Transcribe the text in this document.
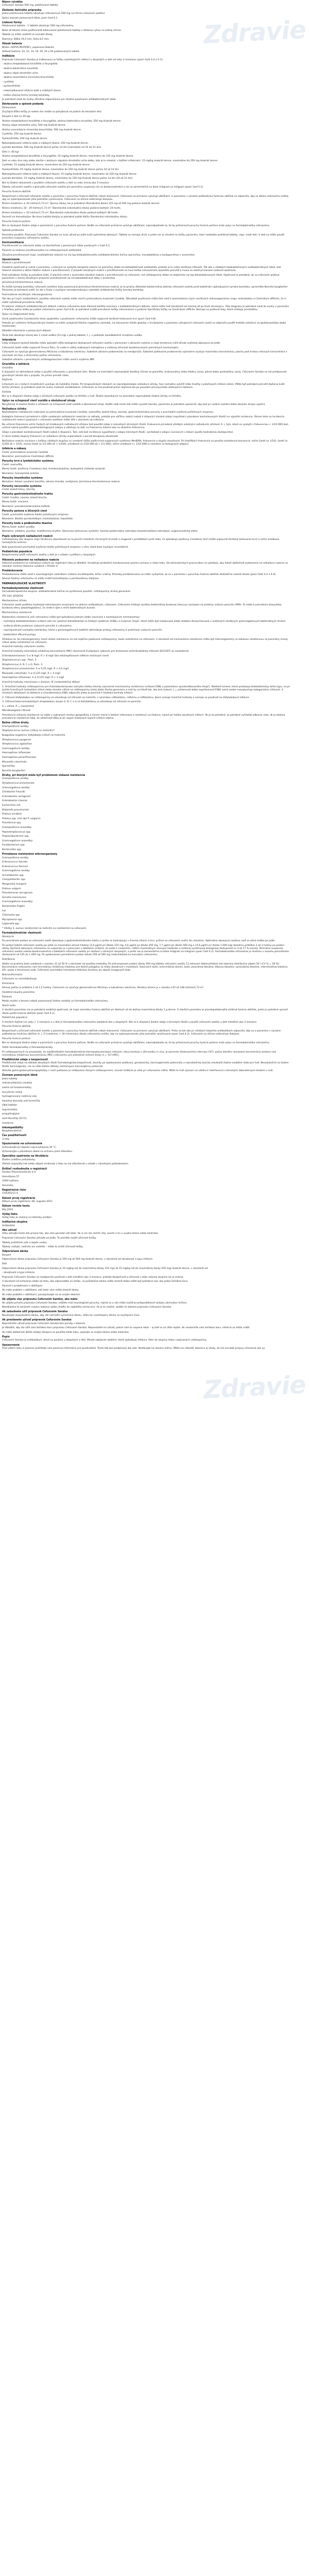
Zdravie
Zdravie
Názov výrobku
Cefuroxim Sandoz 500 mg, potahované tablety
Zloženie liečivého prípravku
Jedna potahovaná tableta obsahuje cefuroximum 500 mg (vo forme cefuroxím axetilu).
Úplný zoznam pomocných látok, pozri časť 6.1.
Liekové formy
Potahovaná tableta - 1 tableta obsahuje 500 mg cefuroxímu.
Biele až takmer biele podlhovasté bikonvexné potahované tablety s deliacou ryhou na jednej strane.
Tableta sa môže rozdeliť na rovnaké dávky.
Rozmery: Dĺžka 19,3 mm, šírka 8,2 mm.
Obsah balenia
Blister (Al/PVC/PE/PVDC), papierová škatuľa
Veľkosť balenia: 10, 12, 14, 16, 20, 24 a 50 potahovaných tabliet.
Indikácie
Prípravok Cefuroxim Sandoz je indikovaný na liečbu nasledujúcich infekcií u dospelých a detí od veku 3 mesiacov (pozri časti 4.4 a 5.1):
- akútna streptokoková tonzilitída a faryngitída
- akútna bakteriálna sinusitída
- akútny zápal stredného ucha
- akútna exacerbácia chronickej bronchitídy
- cystitída
- pyelonefritída
- nekomplikované infekcie kože a mäkkých tkanív
- liečba včasnej formy lymskej boreliózy.
Je potrebné vziať do úvahy oficiálne odporúčania pre vhodné používanie antibakteriálnych látok.
Dávkovanie a spôsob podania
Dávkovanie
Zvyčajná dĺžka liečby je sedem dní (môže sa pohybovať od piatich do desiatich dní).
Dospelí a deti (≥ 40 kg)
Akútna streptokoková tonzilitída a faryngitída, akútna bakteriálna sinusitída: 250 mg dvakrát denne.
Akútny zápal stredného ucha: 500 mg dvakrát denne.
Akútna exacerbácia chronickej bronchitídy: 500 mg dvakrát denne.
Cystitída: 250 mg dvakrát denne.
Pyelonefritída: 250 mg dvakrát denne.
Nekomplikované infekcie kože a mäkkých tkanív: 250 mg dvakrát denne.
Lymská borelióza: 500 mg dvakrát denne počas 14 dní (rozmedzie od 10 do 21 dní).
Deti (< 40 kg)
Akútna streptokoková tonzilitída a faryngitída: 10 mg/kg dvakrát denne, maximálne do 125 mg dvakrát denne.
Deti vo veku dva roky alebo staršie s akútnym zápalom stredného ucha alebo, kde je to vhodné, s ťažšími infekciami: 15 mg/kg dvakrát denne, maximálne do 250 mg dvakrát denne.
Cystitída: 15 mg/kg dvakrát denne, maximálne do 250 mg dvakrát denne.
Pyelonefritída: 15 mg/kg dvakrát denne, maximálne do 250 mg dvakrát denne počas 10 až 14 dní.
Nekomplikované infekcie kože a mäkkých tkanív: 15 mg/kg dvakrát denne, maximálne do 250 mg dvakrát denne.
Lymská borelióza: 15 mg/kg dvakrát denne, maximálne do 250 mg dvakrát denne počas 14 dní (10 až 21 dní).
Nie sú žiadne skúsenosti s použitím cefuroxím axetilu u detí vo veku menej ako 3 mesiace.
Tablety cefuroxím axetilu a granulát cefuroxím axetilu pre perorálnu suspenziu nie sú bioekvivalentné a nie sú zameniteľné na báze miligram za miligram (pozri časť 5.2).
Porucha funkcie obličiek
Bezpečnosť a účinnosť cefuroxím axetilu u pacientov s poruchou funkcie obličiek neboli stanovené. Cefuroxím sa primárne vylučuje obličkami. U pacientov s výrazne poškodenou funkciou obličiek sa odporúča, aby sa dávka cefuroxímu znížila, aby sa vykompenzovalo jeho pomalšie vylučovanie. Cefuroxím sa účinne odstraňuje dialýzou.
Klírens kreatinínu ≥ 30 ml/min/1,73 m²: Úprava dávky nie je potrebná (štandardná dávka 125 mg až 500 mg podaná dvakrát denne).
Klírens kreatinínu 10 - 29 ml/min/1,73 m²: Štandardná individuálna dávka podaná každých 24 hodín.
Klírens kreatinínu < 10 ml/min/1,73 m²: Štandardná individuálna dávka podaná každých 48 hodín.
Pacienti na hemodialýze: Na konci každej dialýzy je potrebné podať ďalšiu štandardnú individuálnu dávku.
Porucha funkcie pečene
Nie sú dostupné žiadne údaje o pacientoch s poruchou funkcie pečene. Keďže sa cefuroxím primárne vylučuje obličkami, nepredpokladá sa, že by prítomnosť poruchy funkcie pečene mala vplyv na farmakokinetiku cefuroxímu.
Spôsob podávania
Perorálne použitie. Prípravok Cefuroxim Sandoz sa musí užívať po jedle kvôli optimálnej absorpcii. Tablety sa nemajú drviť, a preto nie sú vhodné na liečbu pacientov, ktorí nedokážu prehltnúť tablety, napr. malé deti. U detí sa môže použiť perorálna suspenzia cefuroxímu axetilu.
Kontraindikácie
Precitlivenosť na cefuroxím alebo na ktorúkoľvek z pomocných látok uvedených v časti 6.1.
Pacienti so známou precitlivenosťou na cefalosporínové antibiotiká.
Závažná precitlivenosť (napr. anafylaktická reakcia) na iný typ betalaktámového antibakteriálneho liečiva (penicilíny, monobaktámy a karbapenémy) v anamnéze.
Upozornenia
Reakcie z precitlivenosti
Osobitná opatrnosť je nutná u pacientov, u ktorých sa vyskytla alergická reakcia na penicilíny alebo iné betalaktámové antibiotiká, pretože je tu riziko skríženej citlivosti. Tak ako u všetkých betalaktámových antibakteriálnych látok, boli hlásené závažné a občas fatálne reakcie z precitlivenosti. V prípade závažných reakcií z precitlivenosti sa musí liečba cefuroxímom okamžite prerušiť a musia sa začať primerané núdzové opatrenia.
Pred začiatkom liečby je potrebné zistiť, či pacient nemá v anamnéze závažné reakcie z precitlivenosti na cefuroxím, iné cefalosporíny alebo na akýkoľvek iný typ betalaktámových látok. Opatrnosť je potrebná, ak sa cefuroxím podáva pacientom s menej závažnými prejavmi precitlivenosti na iné betalaktámové látky v anamnéze.
Jarischova-Herxheimerova reakcia
Po liečbe lymskej boreliózy cefuroxím axetilom bola pozorovaná Jarischova-Herxheimerova reakcia. Je to priamy dôsledok baktericídnej aktivity cefuroxím axetilu proti baktériám spôsobujúcim lymskú boreliózu, spirochéte Borrelia burgdorferi. Pacientov je potrebné uistiť, že ide o častý a zvyčajne samoobmedzujúci následok antibiotickej liečby lymskej boreliózy.
Premnoženie necitlivých mikroorganizmov
Tak ako pri iných antibiotikách, použitie cefuroxím axetilu môže viesť k premnoženiu kvasiniek Candida. Dlhodobé používanie môže tiež viesť k premnoženiu iných necitlivých mikroorganizmov (napr. enterokokov a Clostridium difficile), čo si môže vyžadovať prerušenie liečby.
Pri takmer všetkých antibakteriálnych látkach vrátane cefuroxímu bola hlásená kolitída súvisiaca s antibakteriálnymi látkami, ktorá môže mať závažnosť od miernej až po život ohrozujúcu. Túto diagnózu je potrebné vziať do úvahy u pacientov s hnačkou počas alebo po podaní cefuroxímu (pozri časť 4.8). Je potrebné zvážiť prerušenie liečby cefuroxímom a podanie špecifickej liečby na Clostridium difficile. Nemajú sa podávať lieky, ktoré inhibujú peristaltiku.
Vplyv na diagnostické testy
Vznik pozitívneho Coombsovho testu spojeného s používaním cefuroxímu môže ovplyvniť skrížené testovanie krvi (pozri časť 4.8).
Pretože pri vyšetrení ferikyanidovým testom sa môže vyskytnúť falošne negatívny výsledok, na stanovenie hladín glukózy v krvi/plazme u pacientov užívajúcich cefuroxím axetil sa odporúča použiť metódu založenú na glukózooxidáze alebo hexokináze.
Dôležité informácie o pomocných látkach
Tento liek obsahuje menej ako 1 mmol sodíka (23 mg) v jednej tablete, t. j. v podstate zanedbateľné množstvo sodíka.
Interakcie
Lieky znižujúce kyslosť žalúdka môžu spôsobiť nižšiu biologickú dostupnosť cefuroxím axetilu v porovnaní s užívaním nalačno a majú tendenciu rušiť účinok zvýšenej absorpcie po jedle.
Cefuroxím axetil môže ovplyvniť črevnú flóru, čo vedie k nižšej reabsorpcii estrogénov a zníženej účinnosti kombinovaných perorálnych kontraceptív.
Cefuroxím sa vylučuje glomerulárnou filtráciou a tubulárnou sekréciou. Súbežné užívanie probenecidu sa neodporúča. Súbežné podávanie probenecidu významne zvyšuje maximálnu koncentráciu, plochu pod krivkou sérových koncentrácií v závislosti od času a eliminačný polčas cefuroxímu.
Súbežné užívanie s perorálnymi antikoagulanciami môže viesť k zvýšeniu INR.
Gravidita a laktácia
Gravidita
K dispozícii sú obmedzené údaje o použití cefuroxímu u gravidných žien. Štúdie na zvieratách nepreukázali škodlivý účinok na graviditu, embryonálny alebo fetálny vývoj, pôrod alebo postnatálny vývoj. Cefuroxim Sandoz sa má predpisovať gravidným ženám iba v prípade, že prínos preváži riziko.
Dojčenie
Cefuroxím sa v malých množstvách vylučuje do ľudského mlieka. Pri terapeutických dávkach sa nepredpokladajú nežiaduce účinky, hoci nemožno vylúčiť riziko hnačky a plesňových infekcií slizníc. Môže byť potrebné prerušiť dojčenie kvôli týmto účinkom. Je potrebné vziať do úvahy možnosť senzibilizácie. Cefuroxím sa má používať počas dojčenia iba po posúdení prínosu/rizika ošetrujúcim lekárom.
Fertilita
Nie sú k dispozícii žiadne údaje o účinkoch cefuroxím axetilu na fertilitu u ľudí. Štúdie reprodukcie na zvieratách nepreukázali žiadne účinky na fertilitu.
Vplyv na schopnosť viesť vozidlá a obsluhovať stroje
Nevykonali sa žiadne štúdie o účinkoch na schopnosť viesť vozidlá a obsluhovať stroje. Keďže však tento liek môže vyvolať závraty, pacientov je potrebné upozorniť, aby boli pri vedení vozidiel alebo obsluhe strojov opatrní.
Nežiaduce účinky
Najčastejšími nežiaducimi reakciami sú premnoženie kvasiniek Candida, eozinofília, bolesť hlavy, závraty, gastrointestinálne poruchy a prechodné zvýšenie pečeňových enzýmov.
Kategórie frekvencií priradené k nižšie uvedeným nežiaducim reakciám sú odhady, pretože pre väčšinu reakcií neboli k dispozícii vhodné údaje (napríklad z placebom kontrolovaných štúdií) na výpočet incidencie. Okrem toho sa incidencia nežiaducich reakcií spojených s cefuroxím axetilom môže líšiť v závislosti od indikácie.
Na určenie frekvencie veľmi častých až zriedkavých nežiaducich účinkov boli použité údaje z rozsiahlych klinických štúdií. Frekvencie priradené všetkým ostatným nežiaducim účinkom (t. j. tým, ktoré sa vyskytli s frekvenciou < 1/10 000) boli určené najmä použitím postmarketingových údajov a vzťahujú sa skôr na frekvenciu hlásení ako na skutočnú frekvenciu.
Údaje z placebom kontrolovaných štúdií neboli k dispozícii. Tam, kde boli incidencie vypočítané z údajov klinických štúdií, vychádzali z údajov súvisiacich s liekom (podľa hodnotenia skúšajúceho).
V rámci každej skupiny frekvencií sú nežiaduce účinky usporiadané v poradí klesajúcej závažnosti.
Nežiaduce reakcie súvisiace s liečbou všetkých stupňov sú uvedené nižšie podľa tried orgánových systémov MedDRA, frekvencie a stupňa závažnosti. Pri klasifikácii frekvencie sa použila nasledovná konvencia: veľmi časté (≥ 1/10), časté (≥ 1/100 až < 1/10), menej časté (≥ 1/1 000 až < 1/100), zriedkavé (≥ 1/10 000 až < 1/1 000), veľmi zriedkavé (< 1/10 000) a neznáme (z dostupných údajov).
Infekcie a nákazy
Časté: premnoženie kvasiniek Candida
Neznáme: premnoženie Clostridium difficile
Poruchy krvi a lymfatického systému
Časté: eozinofília
Menej časté: pozitívny Coombsov test, trombocytopénia, leukopénia (niekedy výrazná)
Neznáme: hemolytická anémia
Poruchy imunitného systému
Neznáme: liekom vyvolaná horúčka, sérová choroba, anafylaxia, Jarischova-Herxheimerova reakcia
Poruchy nervového systému
Časté: bolesť hlavy, závraty
Poruchy gastrointestinálneho traktu
Časté: hnačka, nauzea, bolesť brucha
Menej časté: vracanie
Neznáme: pseudomembranózna kolitída
Poruchy pečene a žlčových ciest
Časté: prechodné zvýšenie hladín pečeňových enzýmov
Neznáme: žltačka (predovšetkým cholestatická), hepatitída
Poruchy kože a podkožného tkaniva
Menej časté: kožné vyrážky
Neznáme: urtikária, pruritus, multiformný erytém, Stevensov-Johnsonov syndróm, toxická epidermálna nekrolýza (exantematózna nekrolýza), angioneurotický edém
Popis vybraných nežiaducich reakcií
Cefalosporíny ako skupina majú tendenciu absorbovať sa na povrch membrán červených krviniek a reagovať s protilátkami proti lieku, čo spôsobuje pozitívny Coombsov test (môže ovplyvniť skrížené testovanie krvi) a veľmi zriedkavo hemolytickú anémiu.
Bolo pozorované prechodné zvýšenie hladín pečeňových enzýmov v sére, ktoré bolo zvyčajne reverzibilné.
Pediatrická populácia
Bezpečnostný profil cefuroxím axetilu u detí je v súlade s profilom u dospelých.
Hlásenie podozrení na nežiaduce reakcie
Hlásenie podozrení na nežiaduce reakcie po registrácii lieku je dôležité. Umožňuje priebežné monitorovanie pomeru prínosu a rizika lieku. Od zdravotníckych pracovníkov sa vyžaduje, aby hlásili akékoľvek podozrenia na nežiaduce reakcie na národné centrum hlásenia uvedené v Prílohe V.
Predávkovanie
Predávkovanie môže viesť k neurologickým následkom vrátane encefalopatie, kŕčov a kómy. Príznaky predávkovania sa môžu vyskytnúť, ak sa u pacientov s poruchou funkcie obličiek dostatočne nezníži dávka (pozri časti 4.2 a 4.4).
Sérové hladiny cefuroxímu sa môžu znížiť hemodialýzou a peritoneálnou dialýzou.
FARMAKOLOGICKÉ VLASTNOSTI
Farmakodynamické vlastnosti
Farmakoterapeutická skupina: antibakteriálne liečivá na systémové použitie, cefalosporíny druhej generácie
ATC kód: J01DC02
Mechanizmus účinku
Cefuroxím axetil podlieha hydrolýze esterázovými enzýmami na aktívne antibiotikum, cefuroxím. Cefuroxím inhibuje syntézu bakteriálnej bunkovej steny po naviazaní na proteíny viažuce penicilín (PBP). To vedie k prerušeniu biosyntézy bunkovej steny (peptidoglykánu), čo vedie k lýze a smrti bakteriálnych buniek.
Mechanizmus rezistencie
Bakteriálna rezistencia voči cefuroxímu môže byť spôsobená jedným alebo viacerými z nasledujúcich mechanizmov:
- hydrolýza betalaktamázami vrátane (ale nie výlučne) betalaktamáz so širokým spektrom (ESBL) a enzýmov AmpC, ktoré môžu byť indukované alebo stabilne dereprimované u niektorých aeróbnych gramnegatívnych bakteriálnych druhov
- znížená afinita proteínov viažucich penicilín k cefuroxímu
- nepriepustnosť vonkajšej membrány, ktorá u gramnegatívnych baktérií obmedzuje prístup cefuroxímu k proteínom viažucim penicilín
- bakteriálne efluxné pumpy.
Očakáva sa, že mikroorganizmy, ktoré získali rezistenciu na iné injekčne podávané cefalosporíny, budú rezistentné na cefuroxím. V závislosti od mechanizmu rezistencie môžu byť mikroorganizmy so získanou rezistenciou na penicilíny menej citlivé alebo rezistentné na cefuroxím.
Hraničné hodnoty cefuroxím axetilu
Hraničné hodnoty minimálnej inhibičnej koncentrácie (MIC) stanovené Európskym výborom pre testovanie antimikrobiálnej citlivosti (EUCAST) sú nasledovné:
Enterobacteriaceae: S ≤ 8 mg/l, R > 8 mg/l (iba nekomplikované infekcie močových ciest)
Staphylococcus spp.: Pozn. 2
Streptococcus A, B, C a G: Pozn. 3
Streptococcus pneumoniae: S ≤ 0,25 mg/l, R > 0,5 mg/l
Moraxella catarrhalis: S ≤ 0,125 mg/l, R > 4 mg/l
Haemophilus influenzae: S ≤ 0,125 mg/l, R > 1 mg/l
Hraničné hodnoty nesúvisiace s druhom: IE (nedostatočný dôkaz)
1. Hraničné hodnoty cefalosporínov pre Enterobacteriaceae zachytia všetky klinicky významné mechanizmy rezistencie (vrátane ESBL a plazmidovo sprostredkovaného AmpC). Niektoré kmene, ktoré produkujú betalaktamázy tohto typu, sú pri týchto hraničných hodnotách citlivé alebo stredne citlivé na cefalosporíny tretej alebo štvrtej generácie a mali by sa hlásiť tak, ako boli zistené, t. j. prítomnosť alebo neprítomnosť ESBL sama osebe neovplyvňuje kategorizáciu citlivosti. V mnohých oblastiach sa detekcia a charakterizácia ESBL odporúča alebo je povinná z hľadiska kontroly infekcií.
2. Citlivosť stafylokokov na cefalosporíny sa odvodzuje od citlivosti na meticilín, s výnimkou ceftazidímu, cefixímu a ceftibuténu, ktoré nemajú hraničné hodnoty a nemajú sa používať na stafylokokové infekcie.
3. Citlivosť beta-hemolytických streptokokov skupín A, B, C a G na betalaktámy sa odvodzuje od citlivosti na penicilín.
S = citlivé, R = rezistentné
Mikrobiologická citlivosť
Prevalencia získanej rezistencie sa môže u vybraných druhov geograficky a časom meniť a lokálne informácie o rezistencii sú žiaduce, najmä pri liečbe závažných infekcií. Ak je to potrebné, je potrebné vyhľadať odbornú radu, ak je lokálna prevalencia rezistencie taká, že užitočnosť látky je pri aspoň niektorých typoch infekcií otázna.
Bežne citlivé druhy
Grampozitívne aeróby:
Staphylococcus aureus (citlivý na meticilín)*
Koaguláza-negatívne stafylokoky (citlivé na meticilín)
Streptococcus pyogenes
Streptococcus agalactiae
Gramnegatívne aeróby:
Haemophilus influenzae
Haemophilus parainfluenzae
Moraxella catarrhalis
Spirochéty:
Borrelia burgdorferi
Druhy, pri ktorých môže byť problémom získaná rezistencia
Grampozitívne aeróby:
Streptococcus pneumoniae
Gramnegatívne aeróby:
Citrobacter freundii
Enterobacter aerogenes
Enterobacter cloacae
Escherichia coli
Klebsiella pneumoniae
Proteus mirabilis
Proteus spp. (iné ako P. vulgaris)
Providencia spp.
Grampozitívne anaeróby:
Peptostreptococcus spp.
Propionibacterium spp.
Gramnegatívne anaeróby:
Fusobacterium spp.
Bacteroides spp.
Prirodzene rezistentné mikroorganizmy
Grampozitívne aeróby:
Enterococcus faecalis
Enterococcus faecium
Gramnegatívne aeróby:
Acinetobacter spp.
Campylobacter spp.
Morganella morganii
Proteus vulgaris
Pseudomonas aeruginosa
Serratia marcescens
Gramnegatívne anaeróby:
Bacteroides fragilis
Iné:
Chlamydia spp.
Mycoplasma spp.
Legionella spp.
* Všetky S. aureus rezistentné na meticilín sú rezistentné na cefuroxím.
Farmakokinetické vlastnosti
Absorpcia
Po perorálnom podaní sa cefuroxím axetil absorbuje z gastrointestinálneho traktu a rýchlo sa hydrolyzuje v črevnej sliznici a krvi, pričom sa cefuroxím uvoľní do cirkulácie. Optimálna absorpcia nastáva, keď sa užíva krátko po jedle.
Po podaní tabliet cefuroxím axetilu po jedle sa maximálne sérové hladiny (2,9 μg/ml pri dávke 125 mg, 4,4 μg/ml pri dávke 250 mg, 7,7 μg/ml pri dávke 500 mg a 13,6 μg/ml pri dávke 1 000 mg) dosiahnu približne 2 až 3 hodiny po podaní dávky. Rýchlosť absorpcie cefuroxímu zo suspenzie je v porovnaní s tabletami znížená, čo vedie k neskorším, nižším maximálnym sérovým hladinám a zníženej systémovej biologickej dostupnosti (o 4 až 17 % menej). Perorálna suspenzia cefuroxím axetilu nebola bioekvivalentná s tabletami cefuroxím axetilu pri skúšaní u zdravých dospelých, a preto nie je zameniteľná na báze miligram za miligram (pozri časť 4.2). Farmakokinetika cefuroxímu je lineárna v rozsahu perorálneho dávkovania od 125 do 1 000 mg. Po opakovanom perorálnom podaní dávok 250 až 500 mg nedochádzalo ku kumulácii cefuroxímu.
Distribúcia
Väzba na proteíny bola uvádzaná v rozsahu 33 až 50 % v závislosti od použitej metodiky. Po jednorazovom podaní dávky 500 mg tablety cefuroxím axetilu 12 zdravým dobrovoľníkom bol zdanlivý distribučný objem 50 l (CV % = 28 %). Koncentrácie cefuroxímu nad minimálnou inhibičnou hladinou pre bežné patogény sa môžu dosiahnuť v mandliach, tkanivách dutín, bronchiálnej sliznici, kosti, pleurálnej tekutine, kĺbovej tekutine, synoviálnej tekutine, intersticiálnej tekutine, žlči, spúte a komorovej vode. Cefuroxím prechádza hematoencefalickou bariérou pri zápale mozgových blán.
Biotransformácia
Cefuroxím sa nemetabolizuje.
Eliminácia
Sérový polčas je približne 1 až 1,5 hodiny. Cefuroxím sa vylučuje glomerulárnou filtráciou a tubulárnou sekréciou. Renálny klírens je v rozsahu 125 až 148 ml/min/1,73 m².
Osobitné skupiny pacientov
Pohlavie
Medzi mužmi a ženami neboli pozorované žiadne rozdiely vo farmakokinetike cefuroxímu.
Starší ľudia
U starších pacientov nie je potrebná osobitná opatrnosť, ak majú normálnu funkciu obličiek pri dávkach až do bežnej maximálnej dávky 1 g denne. U starších pacientov je pravdepodobnejšia znížená funkcia obličiek, preto je potrebné upraviť dávku podľa funkcie obličiek (pozri časť 4.2).
Pediatrická populácia
U starších dojčiat (vo veku > 3 mesiace) a u detí je farmakokinetika cefuroxímu podobná ako u dospelých. Nie sú k dispozícii žiadne údaje z klinických štúdií o použití cefuroxím axetilu u detí mladších ako 3 mesiace.
Porucha funkcie obličiek
Bezpečnosť a účinnosť cefuroxím axetilu u pacientov s poruchou funkcie obličiek neboli stanovené. Cefuroxím sa primárne vylučuje obličkami. Preto sa tak ako pri všetkých takýchto antibiotikách odporúča, aby sa u pacientov s výrazne poškodenou funkciou obličiek (t. j. Cl kreatinínu < 30 ml/minútu) dávka cefuroxímu znížila, aby sa vykompenzovalo jeho pomalšie vylučovanie (pozri časť 4.2). Cefuroxím sa účinne odstraňuje dialýzou.
Porucha funkcie pečene
Nie sú dostupné žiadne údaje o pacientoch s poruchou funkcie pečene. Keďže sa cefuroxím primárne vylučuje obličkami, nepredpokladá sa, že by prítomnosť poruchy funkcie pečene mala vplyv na farmakokinetiku cefuroxímu.
Vzťah farmakokinetiky a farmakodynamiky
Pri cefalosporínoch sa preukázalo, že najdôležitejším farmakokineticko-farmakodynamickým indexom, ktorý koreluje s účinnosťou in vivo, je percento dávkovacieho intervalu (%T), počas ktorého neviazaná koncentrácia zostáva nad minimálnou inhibičnou koncentráciou (MIC) cefuroxímu pre jednotlivé cieľové druhy (t. j. %T>MIC).
Predklinické údaje o bezpečnosti
Predklinické údaje na základe obvyklých štúdií farmakologickej bezpečnosti, toxicity po opakovanom podávaní, genotoxicity, karcinogénneho potenciálu a reprodukčnej toxicity neodhalili žiadne osobitné riziko pre ľudí. Neuskutočnili sa žiadne štúdie karcinogenity; nie sú však žiadne dôkazy naznačujúce karcinogénny potenciál.
Aktivita gama-glutamyltranspeptidázy v moči potkanov je inhibovaná rôznymi cefalosporínmi, úroveň inhibície je však pri cefuroxíme nižšia. Môže to mať význam vo vzťahu k interferencii s klinickými laboratórnymi testami u ľudí.
Zoznam pomocných látok
Jadro tablety:
mikrokryštalická celulóza
sodná soľ kroskarmelózy
laurylsíran sodný
hydrogenovaný rastlinný olej
koloidný bezvodý oxid kremičitý
Obal tablety:
hypromelóza
propylénglykol
oxid titaničitý (E171)
mastenec
Inkompatibility
Neaplikovateľné.
Čas použiteľnosti
3 roky
Upozornenie na uchovávanie
Uchovávajte pri teplote neprevyšujúcej 30 °C.
Uchovávajte v pôvodnom obale na ochranu pred vlhkosťou.
Špeciálne opatrenia na likvidáciu
Žiadne zvláštne požiadavky.
Všetok nepoužitý liek alebo odpad vzniknutý z lieku sa má zlikvidovať v súlade s národnými požiadavkami.
Držiteľ rozhodnutia o registrácii
Sandoz Pharmaceuticals d.d.
Verovškova 57
1000 Ľubľana
Slovinsko
Registračné číslo
15/0355/11-S
Dátum prvej registrácie
Dátum prvej registrácie: 08. augusta 2011
Dátum revízie textu
Máj 2016
Výdaj lieku
Výdaj lieku je viazaný na lekársky predpis.
Indikačná skupina
Antibiotiká
Ako užívať
Vždy užívajte tento liek presne tak, ako vám povedal váš lekár. Ak si nie ste niečím istý, overte si to u svojho lekára alebo lekárnika.
Prípravok Cefuroxim Sandoz užívajte po jedle. To pomôže zvýšiť účinnosť liečby.
Tablety prehltnite celé a zapite vodou.
Tablety nežujte, nedrvte ani nedeľte – môže to znížiť účinnosť liečby.
Odporúčaná dávka
Dospelí
Odporúčaná dávka prípravku Cefuroxim Sandoz je 250 mg až 500 mg dvakrát denne, v závislosti od závažnosti a typu infekcie.
Deti
Odporúčaná dávka prípravku Cefuroxim Sandoz je 10 mg/kg (až do maximálnej dávky 125 mg) až 15 mg/kg (až do maximálnej dávky 250 mg) dvakrát denne, v závislosti od:
- závažnosti a typu infekcie.
Prípravok Cefuroxim Sandoz sa neodporúča používať u detí mladších ako 3 mesiace, pretože bezpečnosť a účinnosť v tejto vekovej skupine nie je známa.
V závislosti od ochorenia alebo od toho, ako odpovedáte na liečbu, sa počiatočná dávka môže zmeniť alebo môže byť potrebná viac ako jedna liečebná kúra.
Pacienti s problémami s obličkami
Ak máte problém s obličkami, váš lekár vám môže zmeniť dávku.
Ak máte problém s obličkami, porozprávajte sa so svojím lekárom.
Ak užijete viac prípravku Cefuroxim Sandoz, ako máte
Ak užijete priveľa prípravku Cefuroxim Sandoz, môžete mať neurologické poruchy, najmä sa u vás môže zvýšiť pravdepodobnosť výskytu záchvatov (kŕčov).
Neodkladne to oznámte svojmu lekárovi alebo choďte do najbližšej nemocnice. Ak je to možné, ukážte im balenie prípravku Cefuroxim Sandoz.
Ak zabudnete užiť prípravok Cefuroxim Sandoz
Neužívajte dvojnásobnú dávku, aby ste nahradili vynechanú dávku. Užite len nasledujúcu dávku vo zvyčajnom čase.
Ak prestanete užívať prípravok Cefuroxim Sandoz
Neprestaňte užívať prípravok Cefuroxim Sandoz bez porady s lekárom.
Je dôležité, aby ste užili celú liečebnú kúru prípravku Cefuroxim Sandoz. Neprestaňte ho užívať, pokiaľ vám to nepovie lekár – aj keď sa už cítite lepšie. Ak neukončíte celú liečebnú kúru, infekcia sa môže vrátiť.
Ak máte akékoľvek ďalšie otázky týkajúce sa použitia tohto lieku, opýtajte sa svojho lekára alebo lekárnika.
Popis
Cefuroxim Sandoz je antibiotikum, ktoré sa používa u dospelých a detí. Pôsobí zabíjaním baktérií, ktoré spôsobujú infekcie. Patrí do skupiny liekov nazývaných cefalosporíny.
Upozornenie
Pred užitím lieku si pozorne prečítajte celú písomnú informáciu pre používateľa. Tento liek bol predpísaný iba vám. Nedávajte ho nikomu inému. Môže mu uškodiť, dokonca aj vtedy, ak má rovnaké prejavy ochorenia ako vy.
